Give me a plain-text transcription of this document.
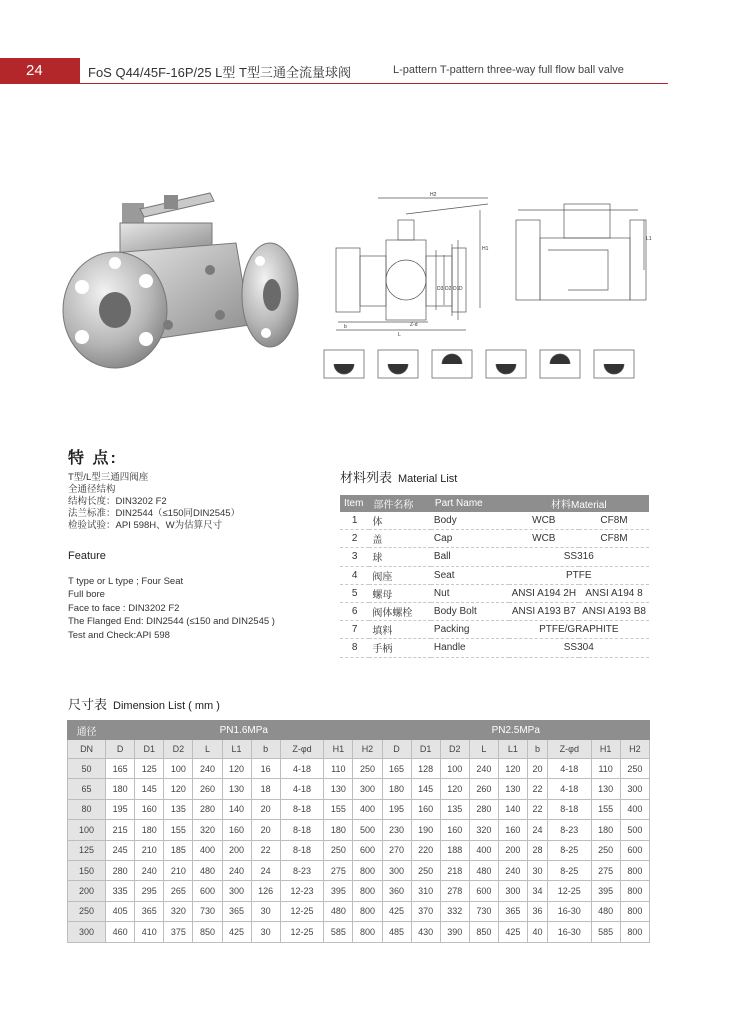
24	FoS Q44/45F-16P/25 L型 T型三通全流量球阀	L-pattern T-pattern three-way full flow ball valve
H2
H1
D3 D2 D1 D
L
Z-d
b
L1
特 点:
T型/L型三通四阀座
全通径结构
结构长度：DIN3202 F2
法兰标准：DIN2544（≤150同DIN2545）
检验试验：API 598H、W为估算尺寸
Feature
T type or L type ; Four Seat
Full bore
Face to face : DIN3202 F2
The Flanged End: DIN2544 (≤150 and DIN2545 )
Test and Check:API 598
材料列表 Material List
Item	部件名称	Part Name	材料Material	
1	体	Body	WCB	CF8M
2	盖	Cap	WCB	CF8M
3	球	Ball	SS316	
4	阀座	Seat	PTFE	
5	螺母	Nut	ANSI A194 2H	ANSI A194 8
6	阀体螺栓	Body Bolt	ANSI A193 B7	ANSI A193 B8
7	填料	Packing	PTFE/GRAPHITE	
8	手柄	Handle	SS304	
尺寸表 Dimension List ( mm )
通径	PN1.6MPa									PN2.5MPa								
DN	D	D1	D2	L	L1	b	Z-φd	H1	H2	D	D1	D2	L	L1	b	Z-φd	H1	H2
50	165	125	100	240	120	16	4-18	110	250	165	128	100	240	120	20	4-18	110	250
65	180	145	120	260	130	18	4-18	130	300	180	145	120	260	130	22	4-18	130	300
80	195	160	135	280	140	20	8-18	155	400	195	160	135	280	140	22	8-18	155	400
100	215	180	155	320	160	20	8-18	180	500	230	190	160	320	160	24	8-23	180	500
125	245	210	185	400	200	22	8-18	250	600	270	220	188	400	200	28	8-25	250	600
150	280	240	210	480	240	24	8-23	275	800	300	250	218	480	240	30	8-25	275	800
200	335	295	265	600	300	126	12-23	395	800	360	310	278	600	300	34	12-25	395	800
250	405	365	320	730	365	30	12-25	480	800	425	370	332	730	365	36	16-30	480	800
300	460	410	375	850	425	30	12-25	585	800	485	430	390	850	425	40	16-30	585	800
